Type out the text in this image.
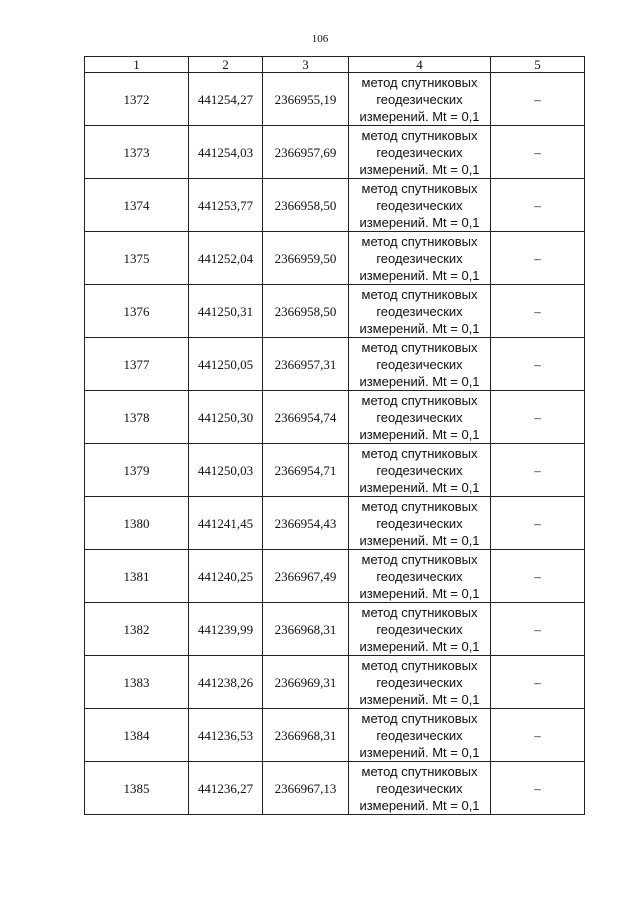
106
1	2	3	4	5
1372	441254,27	2366955,19	метод спутниковых
геодезических
измерений. Mt = 0,1	–
1373	441254,03	2366957,69	метод спутниковых
геодезических
измерений. Mt = 0,1	–
1374	441253,77	2366958,50	метод спутниковых
геодезических
измерений. Mt = 0,1	–
1375	441252,04	2366959,50	метод спутниковых
геодезических
измерений. Mt = 0,1	–
1376	441250,31	2366958,50	метод спутниковых
геодезических
измерений. Mt = 0,1	–
1377	441250,05	2366957,31	метод спутниковых
геодезических
измерений. Mt = 0,1	–
1378	441250,30	2366954,74	метод спутниковых
геодезических
измерений. Mt = 0,1	–
1379	441250,03	2366954,71	метод спутниковых
геодезических
измерений. Mt = 0,1	–
1380	441241,45	2366954,43	метод спутниковых
геодезических
измерений. Mt = 0,1	–
1381	441240,25	2366967,49	метод спутниковых
геодезических
измерений. Mt = 0,1	–
1382	441239,99	2366968,31	метод спутниковых
геодезических
измерений. Mt = 0,1	–
1383	441238,26	2366969,31	метод спутниковых
геодезических
измерений. Mt = 0,1	–
1384	441236,53	2366968,31	метод спутниковых
геодезических
измерений. Mt = 0,1	–
1385	441236,27	2366967,13	метод спутниковых
геодезических
измерений. Mt = 0,1	–
